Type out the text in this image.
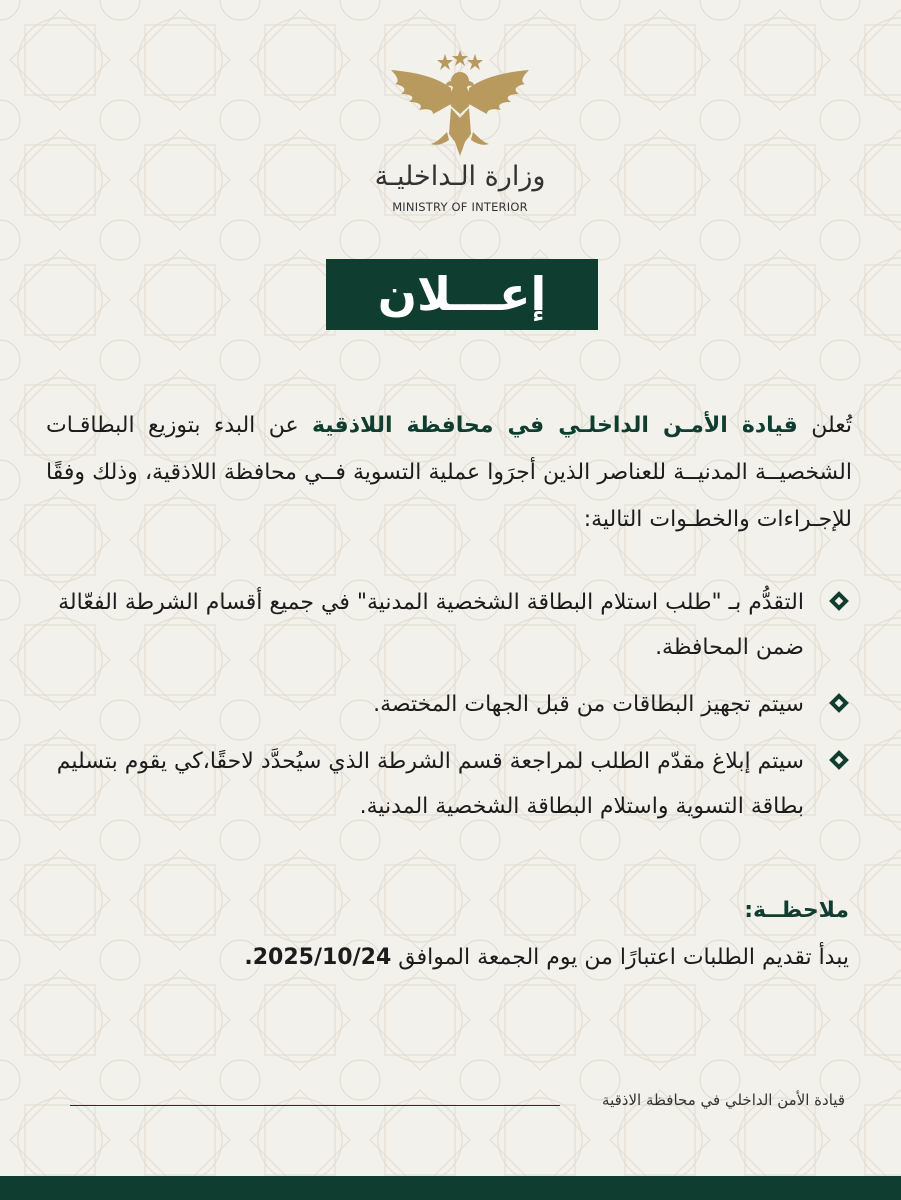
وزارة الـداخليـة
MINISTRY OF INTERIOR
إعـــلان
تُعلن قيادة الأمـن الداخلـي في محافظة اللاذقية عن البدء بتوزيع البطاقـات الشخصيــة المدنيــة للعناصر الذين أجرَوا عملية التسوية فــي محافظة اللاذقية، وذلك وفقًا للإجـراءات والخطـوات التالية:
التقدُّم بـ "طلب استلام البطاقة الشخصية المدنية" في جميع أقسام الشرطة الفعّالة ضمن المحافظة.
سيتم تجهيز البطاقات من قبل الجهات المختصة.
سيتم إبلاغ مقدّم الطلب لمراجعة قسم الشرطة الذي سيُحدَّد لاحقًا،كي يقوم بتسليم بطاقة التسوية واستلام البطاقة الشخصية المدنية.
ملاحظــة:
يبدأ تقديم الطلبات اعتبارًا من يوم الجمعة الموافق 2025/10/24.
قيادة الأمن الداخلي في محافظة الاذقية
